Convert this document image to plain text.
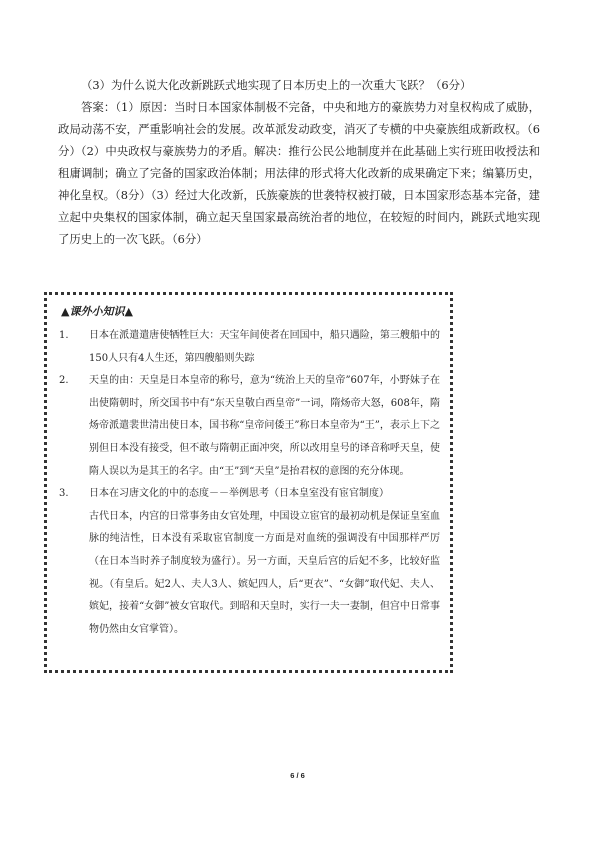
（3）为什么说大化改新跳跃式地实现了日本历史上的一次重大飞跃？（6分）

答案：（1）原因：当时日本国家体制极不完备，中央和地方的豪族势力对皇权构成了威胁，政局动荡不安，严重影响社会的发展。改革派发动政变，消灭了专横的中央豪族组成新政权。（6分）（2）中央政权与豪族势力的矛盾。解决：推行公民公地制度并在此基础上实行班田收授法和租庸调制；确立了完备的国家政治体制；用法律的形式将大化改新的成果确定下来；编纂历史，神化皇权。（8分）（3）经过大化改新，氏族豪族的世袭特权被打破，日本国家形态基本完备，建立起中央集权的国家体制，确立起天皇国家最高统治者的地位，在较短的时间内，跳跃式地实现了历史上的一次飞跃。（6分）

▲课外小知识▲
1. 日本在派遣遣唐使牺牲巨大：天宝年间使者在回国中，船只遇险，第三艘船中的150人只有4人生还，第四艘船则失踪
2. 天皇的由：天皇是日本皇帝的称号，意为“统治上天的皇帝”607年，小野妹子在出使隋朝时，所交国书中有“东天皇敬白西皇帝”一词，隋炀帝大怒，608年，隋炀帝派遣裴世清出使日本，国书称“皇帝问倭王”称日本皇帝为“王”，表示上下之别但日本没有接受，但不敢与隋朝正面冲突，所以改用皇号的译音称呼天皇，使隋人误以为是其王的名字。由“王”到“天皇”是抬君权的意图的充分体现。
3. 日本在习唐文化的中的态度－－举例思考（日本皇室没有宦官制度）

古代日本，内宫的日常事务由女官处理，中国设立宦官的最初动机是保证皇室血脉的纯洁性，日本没有采取宦官制度一方面是对血统的强调没有中国那样严厉（在日本当时养子制度较为盛行）。另一方面，天皇后宫的后妃不多，比较好监视。（有皇后。妃2人、夫人3人、嫔妃四人，后“更衣”、“女御”取代妃、夫人、嫔妃，接着“女御”被女官取代。到昭和天皇时，实行一夫一妻制，但宫中日常事物仍然由女官掌管）。

6 / 6
